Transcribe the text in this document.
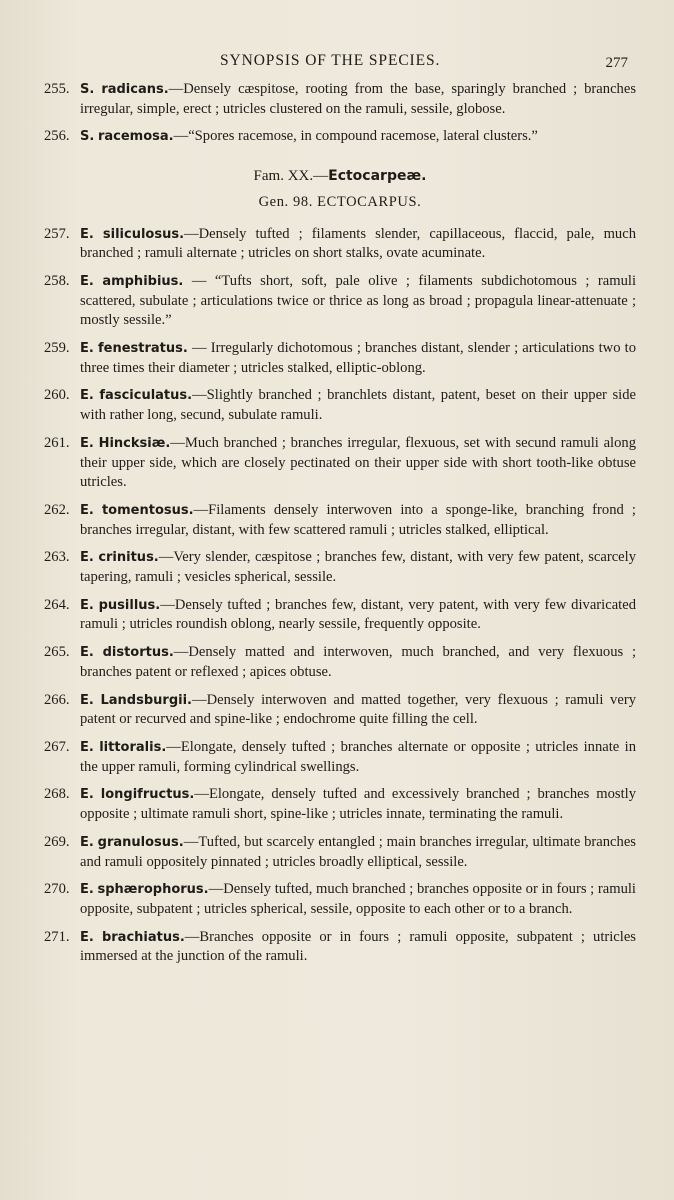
SYNOPSIS OF THE SPECIES.	277
255. S. radicans.—Densely cæspitose, rooting from the base, sparingly branched ; branches irregular, simple, erect ; utricles clustered on the ramuli, sessile, globose.
256. S. racemosa.—“Spores racemose, in compound racemose, lateral clusters.”
Fam. XX.—Ectocarpeæ.
Gen. 98. ECTOCARPUS.
257. E. siliculosus.—Densely tufted ; filaments slender, capillaceous, flaccid, pale, much branched ; ramuli alternate ; utricles on short stalks, ovate acuminate.
258. E. amphibius. — “Tufts short, soft, pale olive ; filaments subdichotomous ; ramuli scattered, subulate ; articulations twice or thrice as long as broad ; propagula linear-attenuate ; mostly sessile.”
259. E. fenestratus. — Irregularly dichotomous ; branches distant, slender ; articulations two to three times their diameter ; utricles stalked, elliptic-oblong.
260. E. fasciculatus.—Slightly branched ; branchlets distant, patent, beset on their upper side with rather long, secund, subulate ramuli.
261. E. Hincksiæ.—Much branched ; branches irregular, flexuous, set with secund ramuli along their upper side, which are closely pectinated on their upper side with short tooth-like obtuse utricles.
262. E. tomentosus.—Filaments densely interwoven into a sponge-like, branching frond ; branches irregular, distant, with few scattered ramuli ; utricles stalked, elliptical.
263. E. crinitus.—Very slender, cæspitose ; branches few, distant, with very few patent, scarcely tapering, ramuli ; vesicles spherical, sessile.
264. E. pusillus.—Densely tufted ; branches few, distant, very patent, with very few divaricated ramuli ; utricles roundish oblong, nearly sessile, frequently opposite.
265. E. distortus.—Densely matted and interwoven, much branched, and very flexuous ; branches patent or reflexed ; apices obtuse.
266. E. Landsburgii.—Densely interwoven and matted together, very flexuous ; ramuli very patent or recurved and spine-like ; endochrome quite filling the cell.
267. E. littoralis.—Elongate, densely tufted ; branches alternate or opposite ; utricles innate in the upper ramuli, forming cylindrical swellings.
268. E. longifructus.—Elongate, densely tufted and excessively branched ; branches mostly opposite ; ultimate ramuli short, spine-like ; utricles innate, terminating the ramuli.
269. E. granulosus.—Tufted, but scarcely entangled ; main branches irregular, ultimate branches and ramuli oppositely pinnated ; utricles broadly elliptical, sessile.
270. E. sphærophorus.—Densely tufted, much branched ; branches opposite or in fours ; ramuli opposite, subpatent ; utricles spherical, sessile, opposite to each other or to a branch.
271. E. brachiatus.—Branches opposite or in fours ; ramuli opposite, subpatent ; utricles immersed at the junction of the ramuli.
